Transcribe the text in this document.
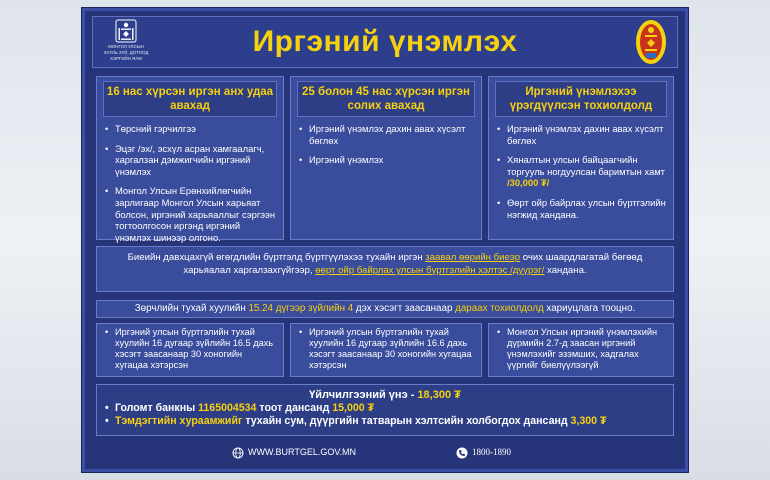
МОНГОЛ УЛСЫН
ХУУЛЬ ЗҮЙ, ДОТООД
ХЭРГИЙН ЯАМ
Иргэний үнэмлэх
16 нас хүрсэн иргэн анх удаа авахад
• Төрсний гэрчилгээ
• Эцэг /эх/, эсхүл асран хамгаалагч, харгалзан дэмжигчийн иргэний үнэмлэх
• Монгол Улсын Ерөнхийлөгчийн зарлигаар Монгол Улсын харьяат болсон, иргэний харьяаллыг сэргээн тогтоолгосон иргэнд иргэний үнэмлэх шинээр олгоно.
25 болон 45 нас хүрсэн иргэн солих авахад
• Иргэний үнэмлэх дахин авах хүсэлт бөглөх
• Иргэний үнэмлэх
Иргэний үнэмлэхээ үрэгдүүлсэн тохиолдолд
• Иргэний үнэмлэх дахин авах хүсэлт бөглөх
• Хяналтын улсын байцаагчийн торгууль ногдуулсан баримтын хамт /30,000 ₮/
• Өөрт ойр байрлах улсын бүртгэлийн нэгжид хандана.
Биеийн давхцахгүй өгөгдлийн бүртгэлд бүртгүүлэхээ тухайн иргэн заавал өөрийн биеэр очих шаардлагатай бөгөөд харьяалал харгалзахгүйгээр, өөрт ойр байрлах улсын бүртгэлийн хэлтэс /дүүрэг/ хандана.
Зөрчлийн тухай хуулийн 15.24 дүгээр зүйлийн 4 дэх хэсэгт заасанаар дараах тохиолдолд хариуцлага тооцно.
• Иргэний улсын бүртгэлийн тухай хуулийн 16 дугаар зүйлийн 16.5 дахь хэсэгт заасанаар 30 хоногийн хугацаа хэтэрсэн
• Иргэний улсын бүртгэлийн тухай хуулийн 16 дугаар зүйлийн 16.6 дахь хэсэгт заасанаар 30 хоногийн хугацаа хэтэрсэн
• Монгол Улсын иргэний үнэмлэхийн дүрмийн 2.7-д заасан иргэний үнэмлэхийг эзэмших, хадгалах үүргийг биелүүлээгүй
Үйлчилгээний үнэ - 18,300 ₮
• Голомт банкны 1165004534 тоот дансанд 15,000 ₮
• Тэмдэгтийн хураамжийг тухайн сум, дүүргийн татварын хэлтсийн холбогдох дансанд 3,300 ₮
WWW.BURTGEL.GOV.MN	1800-1890
